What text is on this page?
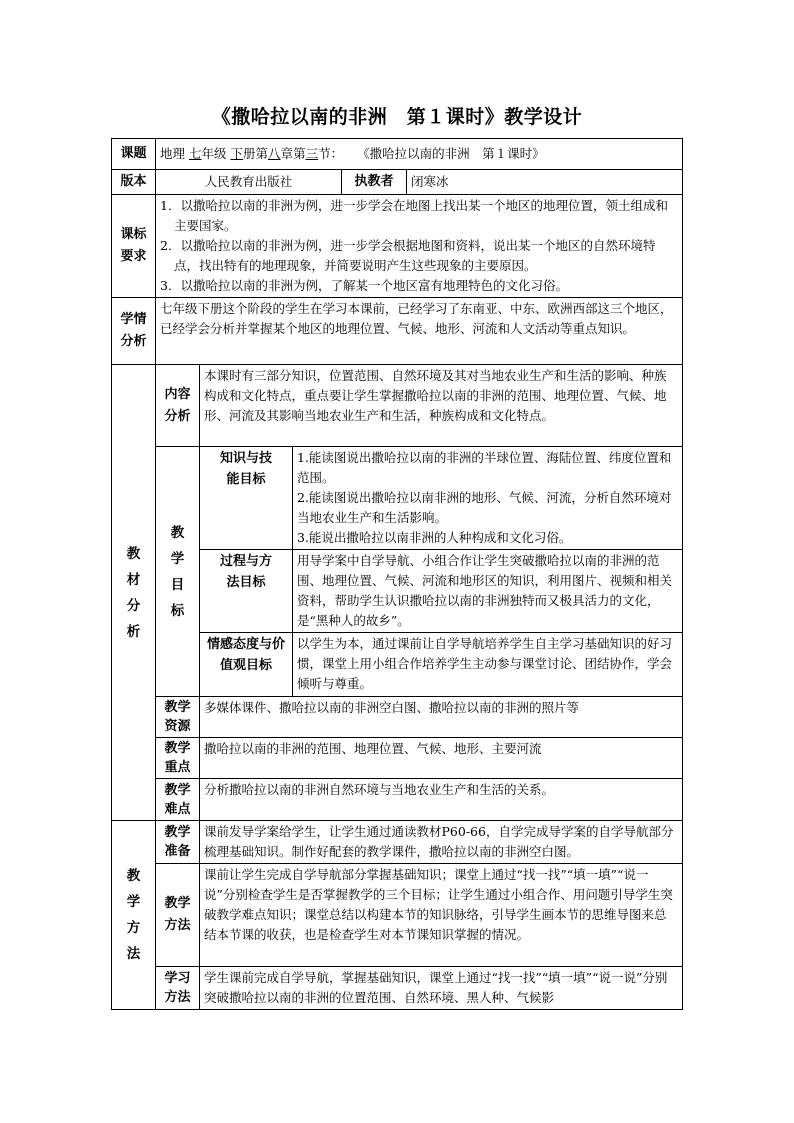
《撒哈拉以南的非洲　第１课时》教学设计
课题	地理 七年级 下册第八章第三节： 《撒哈拉以南的非洲　第１课时》				
版本	人民教育出版社			执教者	闭寒冰
课标要求	1．以撒哈拉以南的非洲为例，进一步学会在地图上找出某一个地区的地理位置，领土组成和主要国家。
2．以撒哈拉以南的非洲为例，进一步学会根据地图和资料，说出某一个地区的自然环境特点，找出特有的地理现象，并简要说明产生这些现象的主要原因。
3．以撒哈拉以南的非洲为例，了解某一个地区富有地理特色的文化习俗。				

学情分析	七年级下册这个阶段的学生在学习本课前，已经学习了东南亚、中东、欧洲西部这三个地区，已经学会分析并掌握某个地区的地理位置、气候、地形、河流和人文活动等重点知识。				
教材分析	内容分析	本课时有三部分知识，位置范围、自然环境及其对当地农业生产和生活的影响、种族构成和文化特点，重点要让学生掌握撒哈拉以南的非洲的范围、地理位置、气候、地形、河流及其影响当地农业生产和生活，种族构成和文化特点。			
	教学目标	知识与技能目标	1.能读图说出撒哈拉以南的非洲的半球位置、海陆位置、纬度位置和范围。
2.能读图说出撒哈拉以南非洲的地形、气候、河流，分析自然环境对当地农业生产和生活影响。
3.能说出撒哈拉以南非洲的人种构成和文化习俗。		

		过程与方法目标	用导学案中自学导航、小组合作让学生突破撒哈拉以南的非洲的范围、地理位置、气候、河流和地形区的知识，利用图片、视频和相关资料，帮助学生认识撒哈拉以南的非洲独特而又极具活力的文化，是“黑种人的故乡”。		
		情感态度与价值观目标	以学生为本，通过课前让自学导航培养学生自主学习基础知识的好习惯，课堂上用小组合作培养学生主动参与课堂讨论、团结协作，学会倾听与尊重。		
	教学资源	多媒体课件、撒哈拉以南的非洲空白图、撒哈拉以南的非洲的照片等			
	教学重点	撒哈拉以南的非洲的范围、地理位置、气候、地形、主要河流			
	教学难点	分析撒哈拉以南的非洲自然环境与当地农业生产和生活的关系。			
教学方法	教学准备	课前发导学案给学生，让学生通过通读教材P60-66，自学完成导学案的自学导航部分梳理基础知识。制作好配套的教学课件，撒哈拉以南的非洲空白图。			
	教学方法	课前让学生完成自学导航部分掌握基础知识；课堂上通过“找一找”“填一填”“说一说”分别检查学生是否掌握教学的三个目标；让学生通过小组合作、用问题引导学生突破教学难点知识；课堂总结以构建本节的知识脉络，引导学生画本节的思维导图来总结本节课的收获，也是检查学生对本节课知识掌握的情况。			
	学习方法	学生课前完成自学导航，掌握基础知识，课堂上通过“找一找”“填一填”“说一说”分别突破撒哈拉以南的非洲的位置范围、自然环境、黑人种、气候影			
